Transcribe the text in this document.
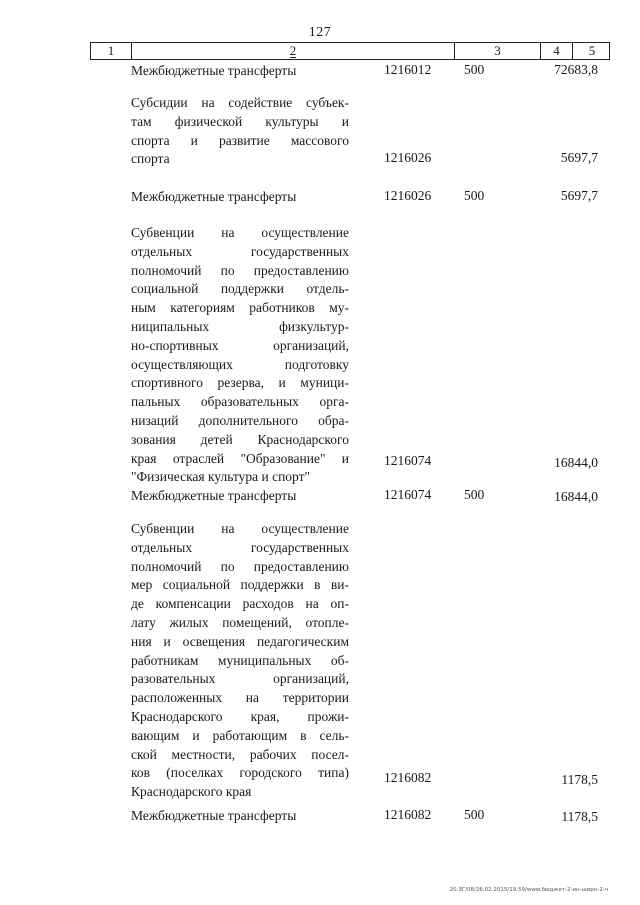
127
1	2	3	4	5
Межбюджетные трансферты	1216012 500	72683,8
Субсидии на содействие субъек-
там физической культуры и
спорта и развитие массового
спорта	1216026	5697,7
Межбюджетные трансферты	1216026 500	5697,7
Субвенции на осуществление
отдельных государственных
полномочий по предоставлению
социальной поддержки отдель-
ным категориям работников му-
ниципальных физкультур-
но-спортивных организаций,
осуществляющих подготовку
спортивного резерва, и муници-
пальных образовательных орга-
низаций дополнительного обра-
зования детей Краснодарского
края отраслей "Образование" и
"Физическая культура и спорт"
1216074	16844,0
Межбюджетные трансферты	1216074 500	16844,0
Субвенции на осуществление
отдельных государственных
полномочий по предоставлению
мер социальной поддержки в ви-
де компенсации расходов на оп-
лату жилых помещений, отопле-
ния и освещения педагогическим
работникам муниципальных об-
разовательных организаций,
расположенных на территории
Краснодарского края, прожи-
вающим и работающим в сель-
ской местности, рабочих посел-
ков (поселках городского типа)
Краснодарского края
1216082	1178,5
Межбюджетные трансферты	1216082 500	1178,5
20.ЗГ/08/26.02.2015/19.59/www.бюджет-2-ин-ширн-2-ч
